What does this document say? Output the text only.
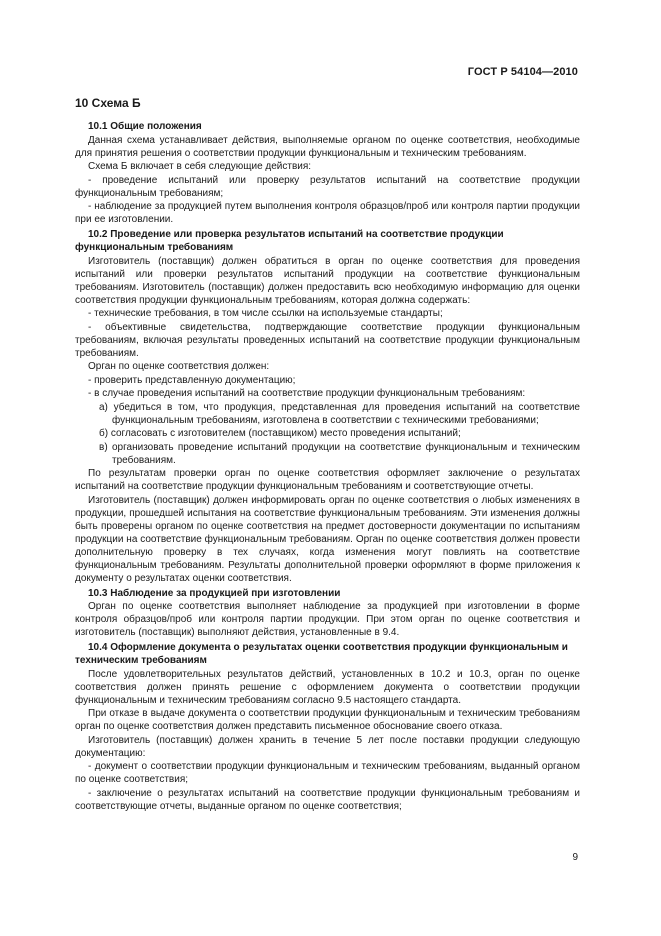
ГОСТ Р 54104—2010
10 Схема Б

10.1 Общие положения

Данная схема устанавливает действия, выполняемые органом по оценке соответствия, необходимые для принятия решения о соответствии продукции функциональным и техническим требованиям.

Схема Б включает в себя следующие действия:

- проведение испытаний или проверку результатов испытаний на соответствие продукции функциональным требованиям;

- наблюдение за продукцией путем выполнения контроля образцов/проб или контроля партии продукции при ее изготовлении.

10.2 Проведение или проверка результатов испытаний на соответствие продукции функциональным требованиям

Изготовитель (поставщик) должен обратиться в орган по оценке соответствия для проведения испытаний или проверки результатов испытаний продукции на соответствие функциональным требованиям. Изготовитель (поставщик) должен предоставить всю необходимую информацию для оценки соответствия продукции функциональным требованиям, которая должна содержать:

- технические требования, в том числе ссылки на используемые стандарты;

- объективные свидетельства, подтверждающие соответствие продукции функциональным требованиям, включая результаты проведенных испытаний на соответствие продукции функциональным требованиям.

Орган по оценке соответствия должен:

- проверить представленную документацию;

- в случае проведения испытаний на соответствие продукции функциональным требованиям:

а) убедиться в том, что продукция, представленная для проведения испытаний на соответствие функциональным требованиям, изготовлена в соответствии с техническими требованиями;

б) согласовать с изготовителем (поставщиком) место проведения испытаний;

в) организовать проведение испытаний продукции на соответствие функциональным и техническим требованиям.

По результатам проверки орган по оценке соответствия оформляет заключение о результатах испытаний на соответствие продукции функциональным требованиям и соответствующие отчеты.

Изготовитель (поставщик) должен информировать орган по оценке соответствия о любых изменениях в продукции, прошедшей испытания на соответствие функциональным требованиям. Эти изменения должны быть проверены органом по оценке соответствия на предмет достоверности документации по испытаниям продукции на соответствие функциональным требованиям. Орган по оценке соответствия должен провести дополнительную проверку в тех случаях, когда изменения могут повлиять на соответствие функциональным требованиям. Результаты дополнительной проверки оформляют в форме приложения к документу о результатах оценки соответствия.

10.3 Наблюдение за продукцией при изготовлении

Орган по оценке соответствия выполняет наблюдение за продукцией при изготовлении в форме контроля образцов/проб или контроля партии продукции. При этом орган по оценке соответствия и изготовитель (поставщик) выполняют действия, установленные в 9.4.

10.4 Оформление документа о результатах оценки соответствия продукции функциональным и техническим требованиям

После удовлетворительных результатов действий, установленных в 10.2 и 10.3, орган по оценке соответствия должен принять решение с оформлением документа о соответствии продукции функциональным и техническим требованиям согласно 9.5 настоящего стандарта.

При отказе в выдаче документа о соответствии продукции функциональным и техническим требованиям орган по оценке соответствия должен представить письменное обоснование своего отказа.

Изготовитель (поставщик) должен хранить в течение 5 лет после поставки продукции следующую документацию:

- документ о соответствии продукции функциональным и техническим требованиям, выданный органом по оценке соответствия;

- заключение о результатах испытаний на соответствие продукции функциональным требованиям и соответствующие отчеты, выданные органом по оценке соответствия;

9
